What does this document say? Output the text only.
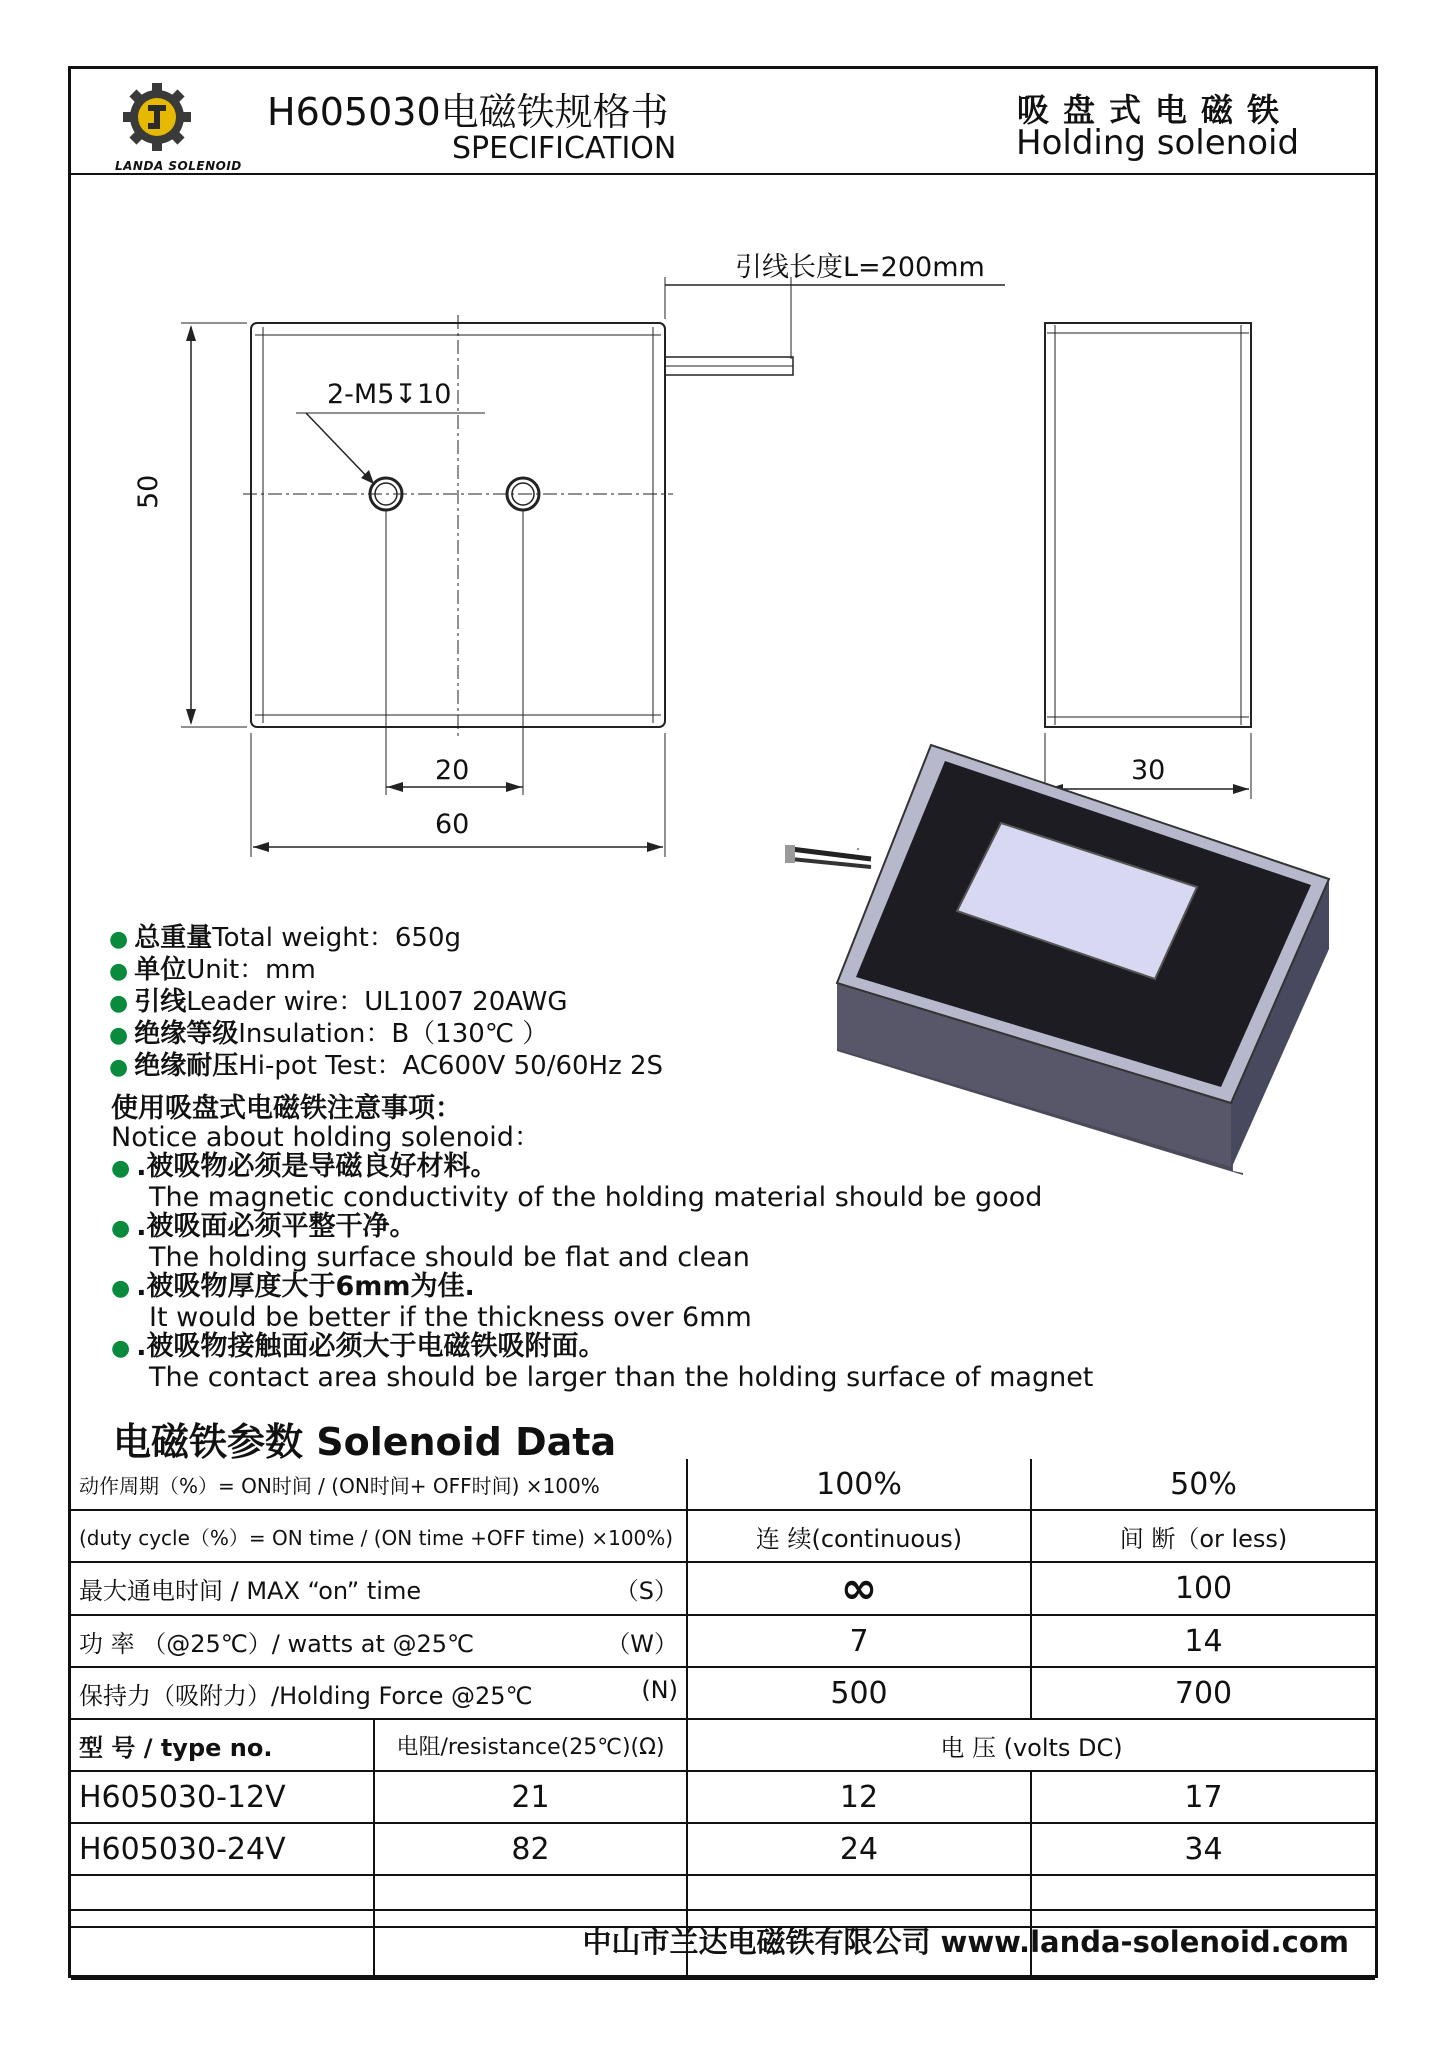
LANDA SOLENOID
H605030电磁铁规格书
SPECIFICATION
吸盘式电磁铁
Holding solenoid
引线长度L=200mm
2-M5↧10
50
20
60
30
● 总重量Total weight：650g
● 单位Unit：mm
● 引线Leader wire：UL1007 20AWG
● 绝缘等级Insulation：B（130℃ ）
● 绝缘耐压Hi-pot Test：AC600V 50/60Hz 2S
使用吸盘式电磁铁注意事项：
Notice about holding solenoid：
● .被吸物必须是导磁良好材料。
The magnetic conductivity of the holding material should be good
● .被吸面必须平整干净。
The holding surface should be flat and clean
● .被吸物厚度大于6mm为佳.
It would be better if the thickness over 6mm
● .被吸物接触面必须大于电磁铁吸附面。
The contact area should be larger than the holding surface of magnet
电磁铁参数 Solenoid Data
动作周期（%）= ON时间 / (ON时间+ OFF时间) ×100%		100%	50%
(duty cycle（%）= ON time / (ON time +OFF time) ×100%)		连 续(continuous)	间 断（or less)
最大通电时间 / MAX “on” time （S）		∞	100
功 率 （@25℃）/ watts at @25℃ （W）		7	14
保持力（吸附力）/Holding Force @25℃ (N)		500	700
型 号 / type no.	电阻/resistance(25℃)(Ω)	电 压 (volts DC)	
H605030-12V	21	12	17
H605030-24V	82	24	34

中山市兰达电磁铁有限公司 www.landa-solenoid.com
